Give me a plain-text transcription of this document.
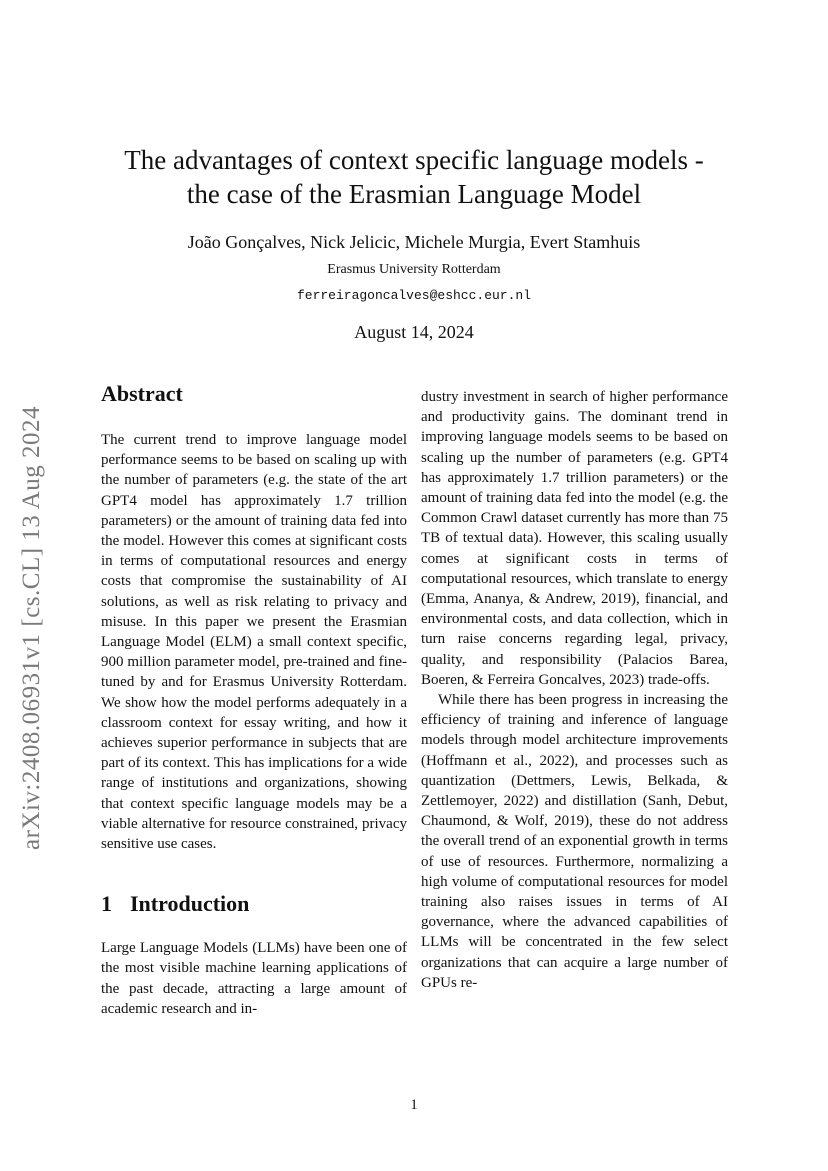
arXiv:2408.06931v1 [cs.CL] 13 Aug 2024
The advantages of context specific language models -
the case of the Erasmian Language Model
João Gonçalves, Nick Jelicic, Michele Murgia, Evert Stamhuis
Erasmus University Rotterdam
ferreiragoncalves@eshcc.eur.nl
August 14, 2024
Abstract

The current trend to improve language model performance seems to be based on scaling up with the number of parameters (e.g. the state of the art GPT4 model has approximately 1.7 trillion parameters) or the amount of training data fed into the model. However this comes at significant costs in terms of computational resources and energy costs that compromise the sustainability of AI solutions, as well as risk relating to privacy and misuse. In this paper we present the Erasmian Language Model (ELM) a small context specific, 900 million parameter model, pre-trained and fine-tuned by and for Erasmus University Rotterdam. We show how the model performs adequately in a classroom context for essay writing, and how it achieves superior performance in subjects that are part of its context. This has implications for a wide range of institutions and organizations, showing that context specific language models may be a viable alternative for resource constrained, privacy sensitive use cases.

1 Introduction

Large Language Models (LLMs) have been one of the most visible machine learning applications of the past decade, attracting a large amount of academic research and in-

dustry investment in search of higher performance and productivity gains. The dominant trend in improving language models seems to be based on scaling up the number of parameters (e.g. GPT4 has approximately 1.7 trillion parameters) or the amount of training data fed into the model (e.g. the Common Crawl dataset currently has more than 75 TB of textual data). However, this scaling usually comes at significant costs in terms of computational resources, which translate to energy (Emma, Ananya, & Andrew, 2019), financial, and environmental costs, and data collection, which in turn raise concerns regarding legal, privacy, quality, and responsibility (Palacios Barea, Boeren, & Ferreira Goncalves, 2023) trade-offs.

While there has been progress in increasing the efficiency of training and inference of language models through model architecture improvements (Hoffmann et al., 2022), and processes such as quantization (Dettmers, Lewis, Belkada, & Zettlemoyer, 2022) and distillation (Sanh, Debut, Chaumond, & Wolf, 2019), these do not address the overall trend of an exponential growth in terms of use of resources. Furthermore, normalizing a high volume of computational resources for model training also raises issues in terms of AI governance, where the advanced capabilities of LLMs will be concentrated in the few select organizations that can acquire a large number of GPUs re-

1
